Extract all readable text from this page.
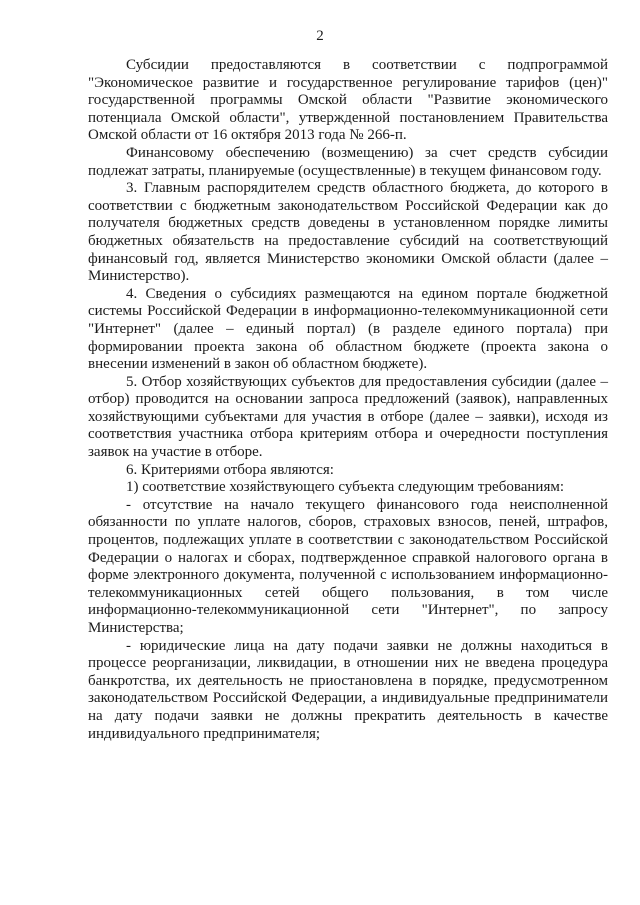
2

Субсидии предоставляются в соответствии с подпрограммой "Экономическое развитие и государственное регулирование тарифов (цен)" государственной программы Омской области "Развитие экономического потенциала Омской области", утвержденной постановлением Правительства Омской области от 16 октября 2013 года № 266-п.

Финансовому обеспечению (возмещению) за счет средств субсидии подлежат затраты, планируемые (осуществленные) в текущем финансовом году.

3. Главным распорядителем средств областного бюджета, до которого в соответствии с бюджетным законодательством Российской Федерации как до получателя бюджетных средств доведены в установленном порядке лимиты бюджетных обязательств на предоставление субсидий на соответствующий финансовый год, является Министерство экономики Омской области (далее – Министерство).

4. Сведения о субсидиях размещаются на едином портале бюджетной системы Российской Федерации в информационно-телекоммуникационной сети "Интернет" (далее – единый портал) (в разделе единого портала) при формировании проекта закона об областном бюджете (проекта закона о внесении изменений в закон об областном бюджете).

5. Отбор хозяйствующих субъектов для предоставления субсидии (далее – отбор) проводится на основании запроса предложений (заявок), направленных хозяйствующими субъектами для участия в отборе (далее – заявки), исходя из соответствия участника отбора критериям отбора и очередности поступления заявок на участие в отборе.

6. Критериями отбора являются:

1) соответствие хозяйствующего субъекта следующим требованиям:

- отсутствие на начало текущего финансового года неисполненной обязанности по уплате налогов, сборов, страховых взносов, пеней, штрафов, процентов, подлежащих уплате в соответствии с законодательством Российской Федерации о налогах и сборах, подтвержденное справкой налогового органа в форме электронного документа, полученной с использованием информационно-телекоммуникационных сетей общего пользования, в том числе информационно-телекоммуникационной сети "Интернет", по запросу Министерства;

- юридические лица на дату подачи заявки не должны находиться в процессе реорганизации, ликвидации, в отношении них не введена процедура банкротства, их деятельность не приостановлена в порядке, предусмотренном законодательством Российской Федерации, а индивидуальные предприниматели на дату подачи заявки не должны прекратить деятельность в качестве индивидуального предпринимателя;
